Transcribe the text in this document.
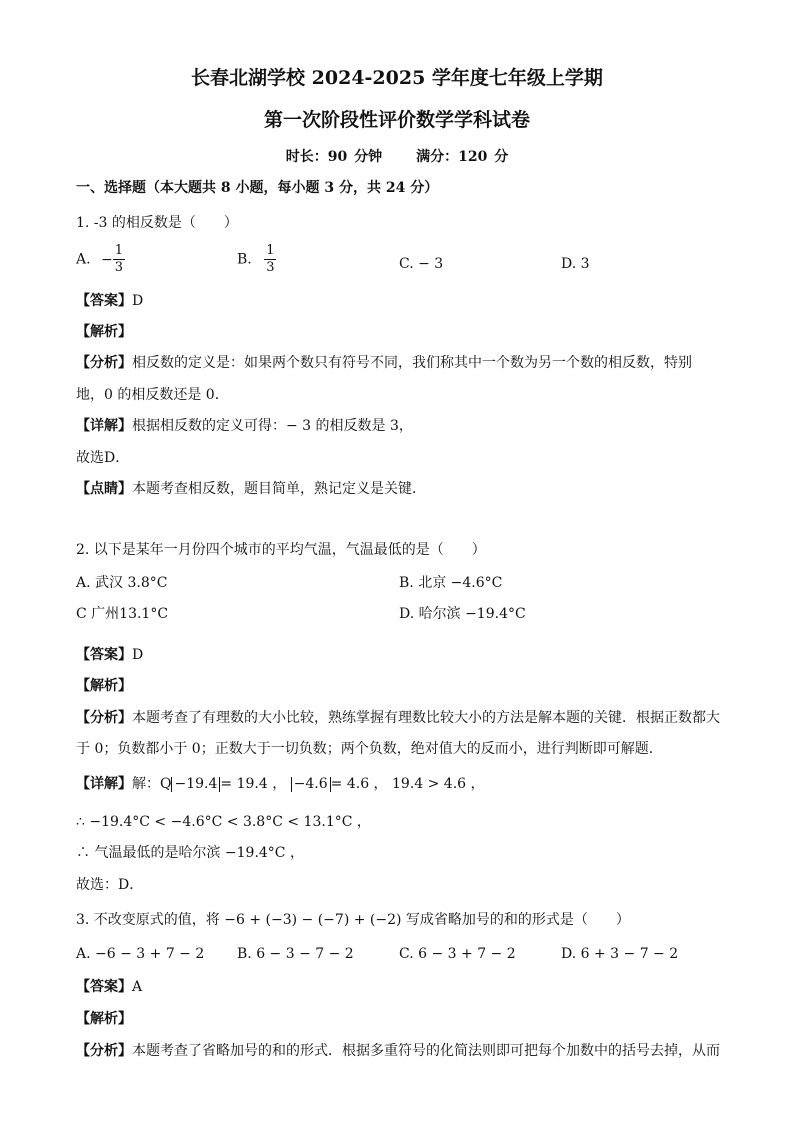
长春北湖学校 2024-2025 学年度七年级上学期
第一次阶段性评价数学学科试卷
时长：90 分钟 满分：120 分
一、选择题（本大题共 8 小题，每小题 3 分，共 24 分）
1. -3 的相反数是（　　）
A. − $\frac{1}{3}$	B. $\frac{1}{3}$	C. − 3	D. 3
【答案】D
【解析】
【分析】相反数的定义是：如果两个数只有符号不同，我们称其中一个数为另一个数的相反数，特别
地，0 的相反数还是 0．
【详解】根据相反数的定义可得：− 3 的相反数是 3，
故选D．
【点睛】本题考查相反数，题目简单，熟记定义是关键．
2. 以下是某年一月份四个城市的平均气温，气温最低的是（　　）
A. 武汉 3.8°C	B. 北京 −4.6°C
C 广州13.1°C	D. 哈尔滨 −19.4°C
【答案】D
【解析】
【分析】本题考查了有理数的大小比较，熟练掌握有理数比较大小的方法是解本题的关键．根据正数都大
于 0；负数都小于 0；正数大于一切负数；两个负数，绝对值大的反而小，进行判断即可解题．
【详解】解：Q −19.4 = 19.4 ， −4.6 = 4.6 ， 19.4 > 4.6 ，
∴ −19.4°C < −4.6°C < 3.8°C < 13.1°C ，
∴ 气温最低的是哈尔滨 −19.4°C ，
故选：D．
3. 不改变原式的值，将 −6 + (−3) − (−7) + (−2) 写成省略加号的和的形式是（　　）
A. −6 − 3 + 7 − 2 B. 6 − 3 − 7 − 2	C. 6 − 3 + 7 − 2	D. 6 + 3 − 7 − 2
【答案】A
【解析】
【分析】本题考查了省略加号的和的形式．根据多重符号的化简法则即可把每个加数中的括号去掉，从而
